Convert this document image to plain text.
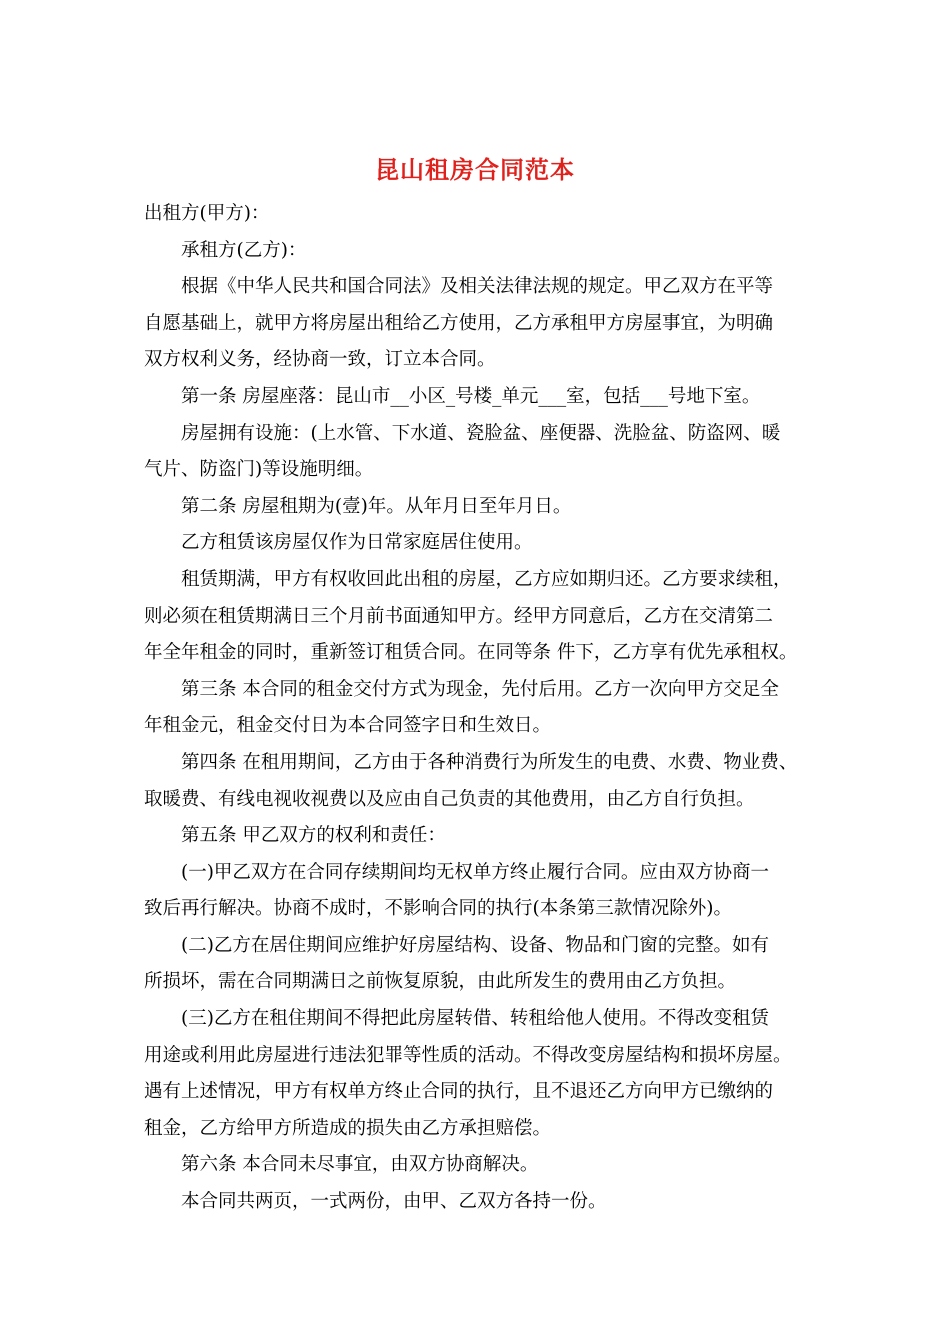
昆山租房合同范本
出租方(甲方)：
承租方(乙方)：
根据《中华人民共和国合同法》及相关法律法规的规定。甲乙双方在平等
自愿基础上，就甲方将房屋出租给乙方使用，乙方承租甲方房屋事宜，为明确
双方权利义务，经协商一致，订立本合同。
第一条 房屋座落：昆山市__小区_号楼_单元___室，包括___号地下室。
房屋拥有设施：(上水管、下水道、瓷脸盆、座便器、洗脸盆、防盗网、暖
气片、防盗门)等设施明细。
第二条 房屋租期为(壹)年。从年月日至年月日。
乙方租赁该房屋仅作为日常家庭居住使用。
租赁期满，甲方有权收回此出租的房屋，乙方应如期归还。乙方要求续租，
则必须在租赁期满日三个月前书面通知甲方。经甲方同意后，乙方在交清第二
年全年租金的同时，重新签订租赁合同。在同等条 件下，乙方享有优先承租权。
第三条 本合同的租金交付方式为现金，先付后用。乙方一次向甲方交足全
年租金元，租金交付日为本合同签字日和生效日。
第四条 在租用期间，乙方由于各种消费行为所发生的电费、水费、物业费、
取暖费、有线电视收视费以及应由自己负责的其他费用，由乙方自行负担。
第五条 甲乙双方的权利和责任：
(一)甲乙双方在合同存续期间均无权单方终止履行合同。应由双方协商一
致后再行解决。协商不成时，不影响合同的执行(本条第三款情况除外)。
(二)乙方在居住期间应维护好房屋结构、设备、物品和门窗的完整。如有
所损坏，需在合同期满日之前恢复原貌，由此所发生的费用由乙方负担。
(三)乙方在租住期间不得把此房屋转借、转租给他人使用。不得改变租赁
用途或利用此房屋进行违法犯罪等性质的活动。不得改变房屋结构和损坏房屋。
遇有上述情况，甲方有权单方终止合同的执行，且不退还乙方向甲方已缴纳的
租金，乙方给甲方所造成的损失由乙方承担赔偿。
第六条 本合同未尽事宜，由双方协商解决。
本合同共两页，一式两份，由甲、乙双方各持一份。
